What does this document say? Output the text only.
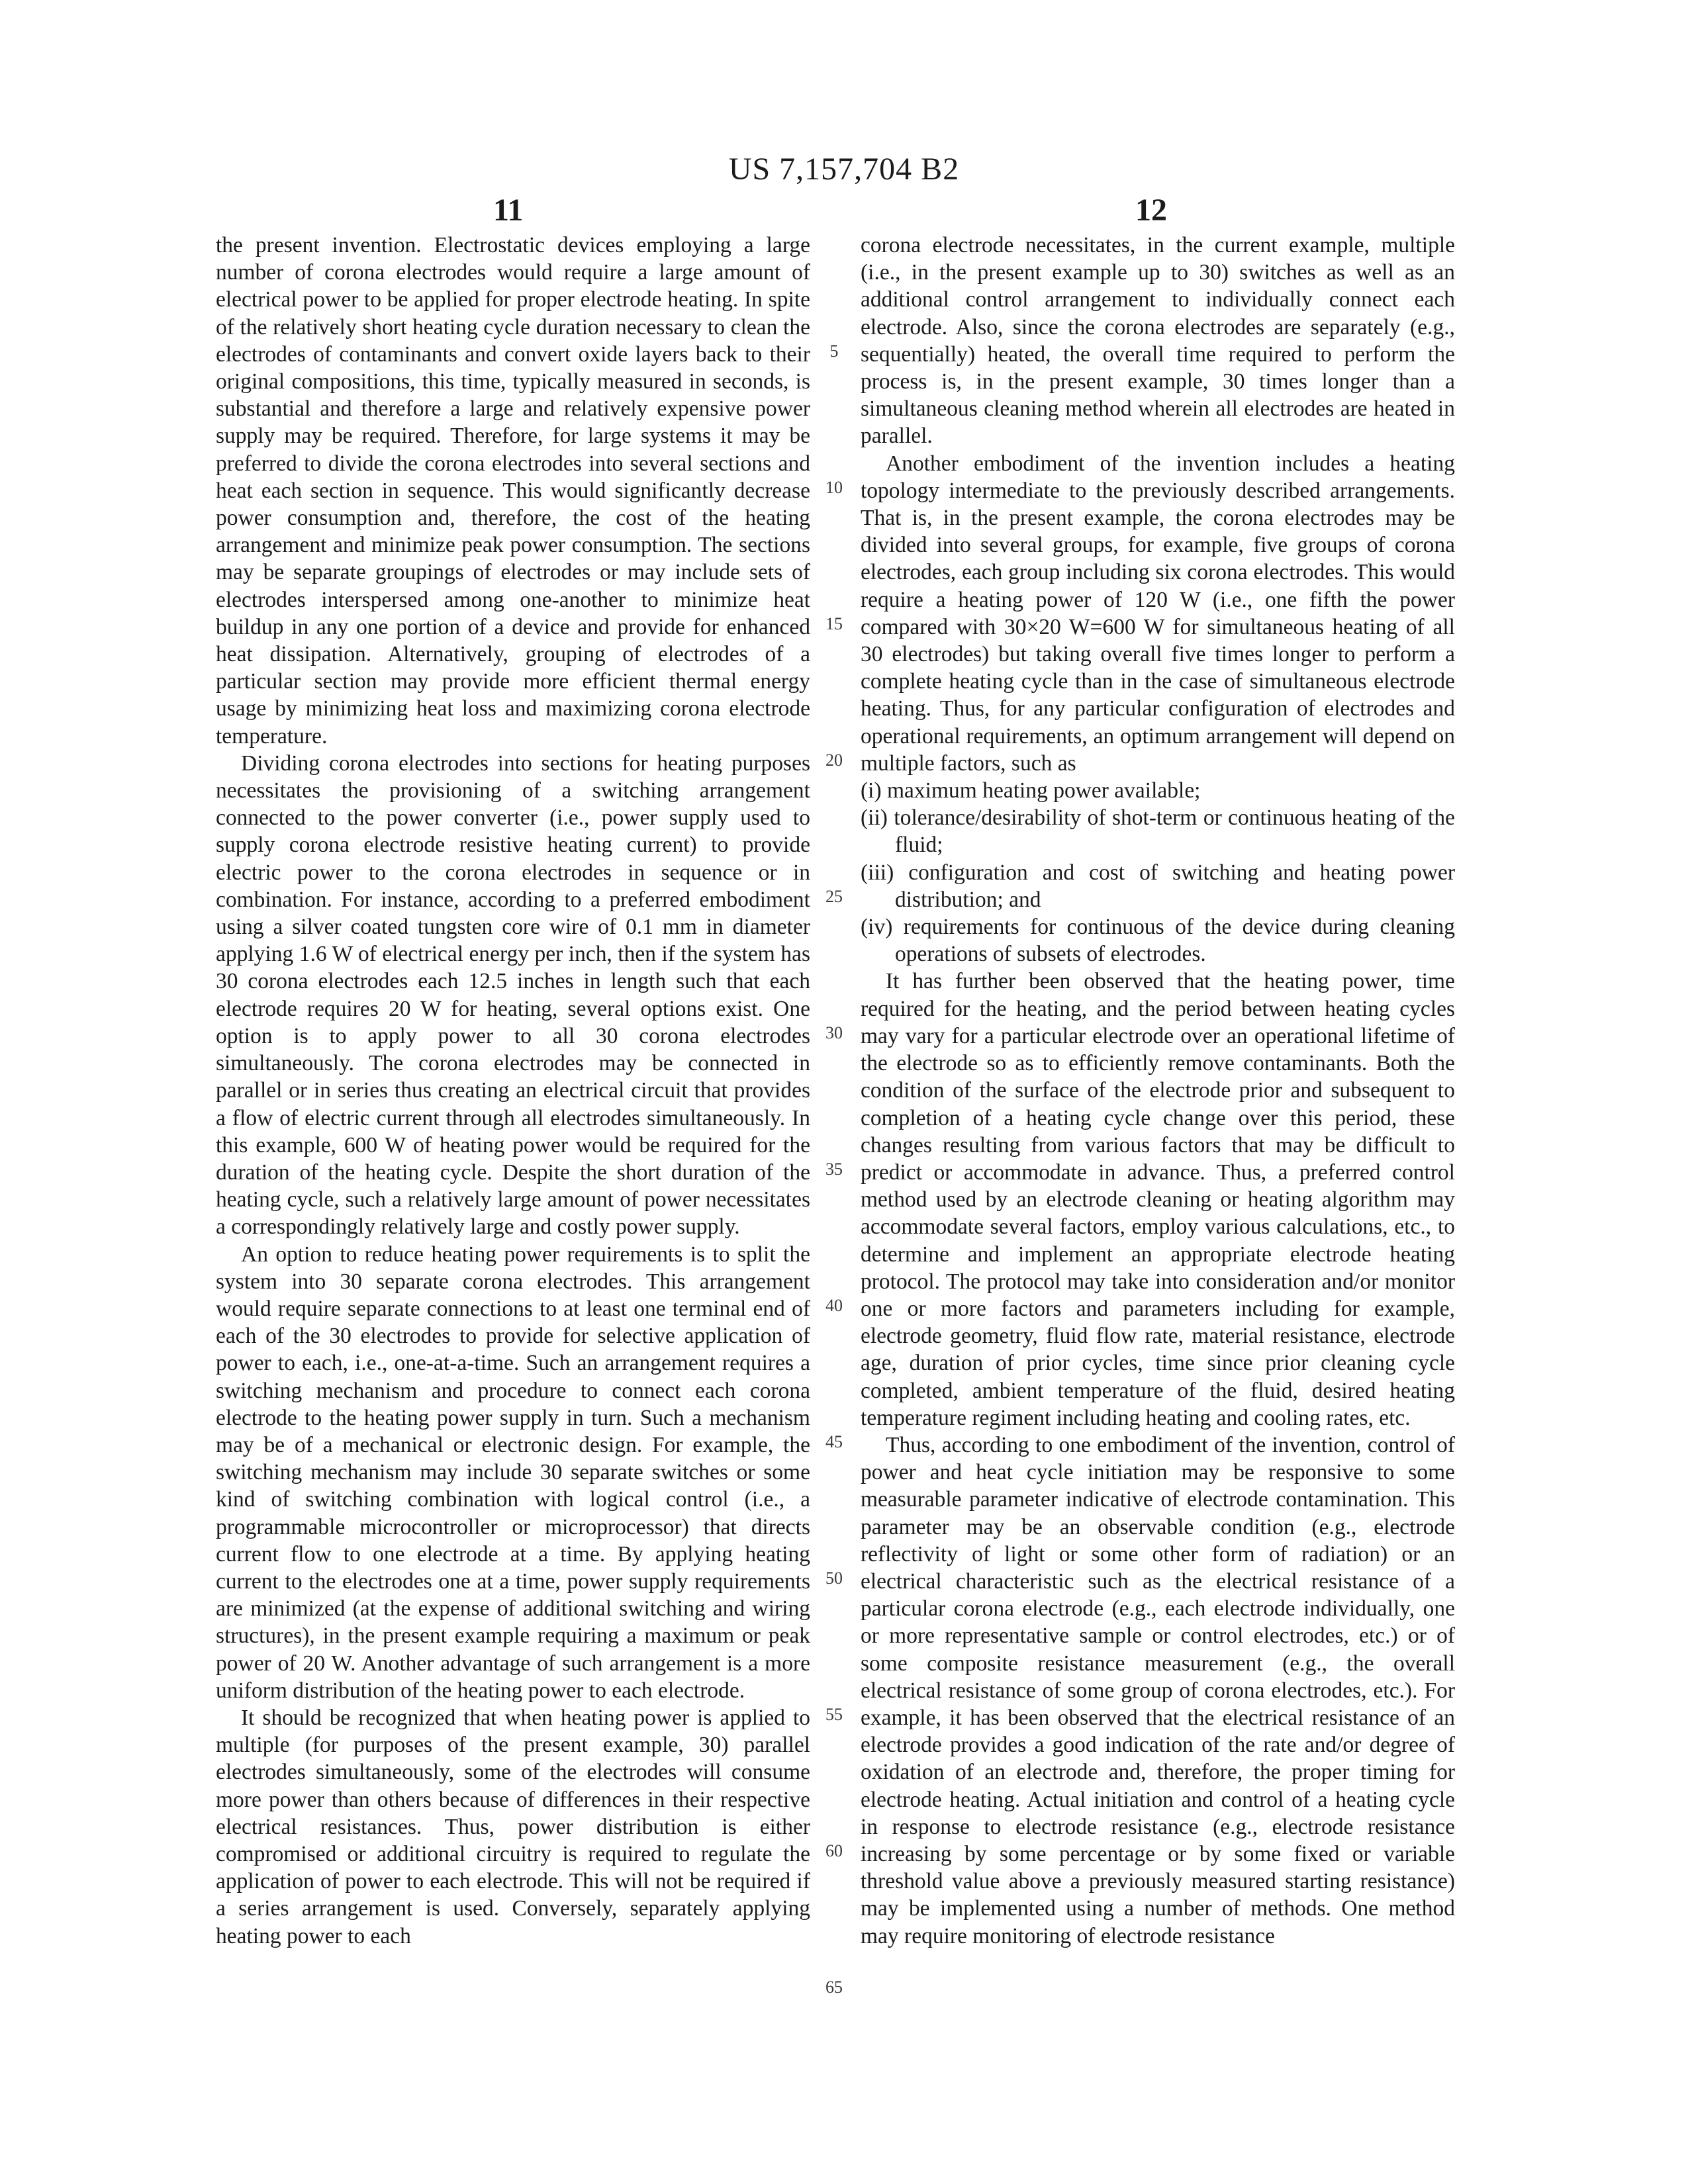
US 7,157,704 B2
11	12

the present invention. Electrostatic devices employing a large number of corona electrodes would require a large amount of electrical power to be applied for proper electrode heating. In spite of the relatively short heating cycle duration necessary to clean the electrodes of contaminants and convert oxide layers back to their original compositions, this time, typically measured in seconds, is substantial and therefore a large and relatively expensive power supply may be required. Therefore, for large systems it may be preferred to divide the corona electrodes into several sections and heat each section in sequence. This would significantly decrease power consumption and, therefore, the cost of the heating arrangement and minimize peak power consumption. The sections may be separate groupings of electrodes or may include sets of electrodes interspersed among one-another to minimize heat buildup in any one portion of a device and provide for enhanced heat dissipation. Alternatively, grouping of electrodes of a particular section may provide more efficient thermal energy usage by minimizing heat loss and maximizing corona electrode temperature.

Dividing corona electrodes into sections for heating purposes necessitates the provisioning of a switching arrangement connected to the power converter (i.e., power supply used to supply corona electrode resistive heating current) to provide electric power to the corona electrodes in sequence or in combination. For instance, according to a preferred embodiment using a silver coated tungsten core wire of 0.1 mm in diameter applying 1.6 W of electrical energy per inch, then if the system has 30 corona electrodes each 12.5 inches in length such that each electrode requires 20 W for heating, several options exist. One option is to apply power to all 30 corona electrodes simultaneously. The corona electrodes may be connected in parallel or in series thus creating an electrical circuit that provides a flow of electric current through all electrodes simultaneously. In this example, 600 W of heating power would be required for the duration of the heating cycle. Despite the short duration of the heating cycle, such a relatively large amount of power necessitates a correspondingly relatively large and costly power supply.

An option to reduce heating power requirements is to split the system into 30 separate corona electrodes. This arrangement would require separate connections to at least one terminal end of each of the 30 electrodes to provide for selective application of power to each, i.e., one-at-a-time. Such an arrangement requires a switching mechanism and procedure to connect each corona electrode to the heating power supply in turn. Such a mechanism may be of a mechanical or electronic design. For example, the switching mechanism may include 30 separate switches or some kind of switching combination with logical control (i.e., a programmable microcontroller or microprocessor) that directs current flow to one electrode at a time. By applying heating current to the electrodes one at a time, power supply requirements are minimized (at the expense of additional switching and wiring structures), in the present example requiring a maximum or peak power of 20 W. Another advantage of such arrangement is a more uniform distribution of the heating power to each electrode.

It should be recognized that when heating power is applied to multiple (for purposes of the present example, 30) parallel electrodes simultaneously, some of the electrodes will consume more power than others because of differences in their respective electrical resistances. Thus, power distribution is either compromised or additional circuitry is required to regulate the application of power to each electrode. This will not be required if a series arrangement is used. Conversely, separately applying heating power to each

corona electrode necessitates, in the current example, multiple (i.e., in the present example up to 30) switches as well as an additional control arrangement to individually connect each electrode. Also, since the corona electrodes are separately (e.g., sequentially) heated, the overall time required to perform the process is, in the present example, 30 times longer than a simultaneous cleaning method wherein all electrodes are heated in parallel.

Another embodiment of the invention includes a heating topology intermediate to the previously described arrangements. That is, in the present example, the corona electrodes may be divided into several groups, for example, five groups of corona electrodes, each group including six corona electrodes. This would require a heating power of 120 W (i.e., one fifth the power compared with 30×20 W=600 W for simultaneous heating of all 30 electrodes) but taking overall five times longer to perform a complete heating cycle than in the case of simultaneous electrode heating. Thus, for any particular configuration of electrodes and operational requirements, an optimum arrangement will depend on multiple factors, such as

(i) maximum heating power available;

(ii) tolerance/desirability of shot-term or continuous heating of the fluid;

(iii) configuration and cost of switching and heating power distribution; and

(iv) requirements for continuous of the device during cleaning operations of subsets of electrodes.

It has further been observed that the heating power, time required for the heating, and the period between heating cycles may vary for a particular electrode over an operational lifetime of the electrode so as to efficiently remove contaminants. Both the condition of the surface of the electrode prior and subsequent to completion of a heating cycle change over this period, these changes resulting from various factors that may be difficult to predict or accommodate in advance. Thus, a preferred control method used by an electrode cleaning or heating algorithm may accommodate several factors, employ various calculations, etc., to determine and implement an appropriate electrode heating protocol. The protocol may take into consideration and/or monitor one or more factors and parameters including for example, electrode geometry, fluid flow rate, material resistance, electrode age, duration of prior cycles, time since prior cleaning cycle completed, ambient temperature of the fluid, desired heating temperature regiment including heating and cooling rates, etc.

Thus, according to one embodiment of the invention, control of power and heat cycle initiation may be responsive to some measurable parameter indicative of electrode contamination. This parameter may be an observable condition (e.g., electrode reflectivity of light or some other form of radiation) or an electrical characteristic such as the electrical resistance of a particular corona electrode (e.g., each electrode individually, one or more representative sample or control electrodes, etc.) or of some composite resistance measurement (e.g., the overall electrical resistance of some group of corona electrodes, etc.). For example, it has been observed that the electrical resistance of an electrode provides a good indication of the rate and/or degree of oxidation of an electrode and, therefore, the proper timing for electrode heating. Actual initiation and control of a heating cycle in response to electrode resistance (e.g., electrode resistance increasing by some percentage or by some fixed or variable threshold value above a previously measured starting resistance) may be implemented using a number of methods. One method may require monitoring of electrode resistance

5
10
15
20
25
30
35
40
45
50
55
60
65
